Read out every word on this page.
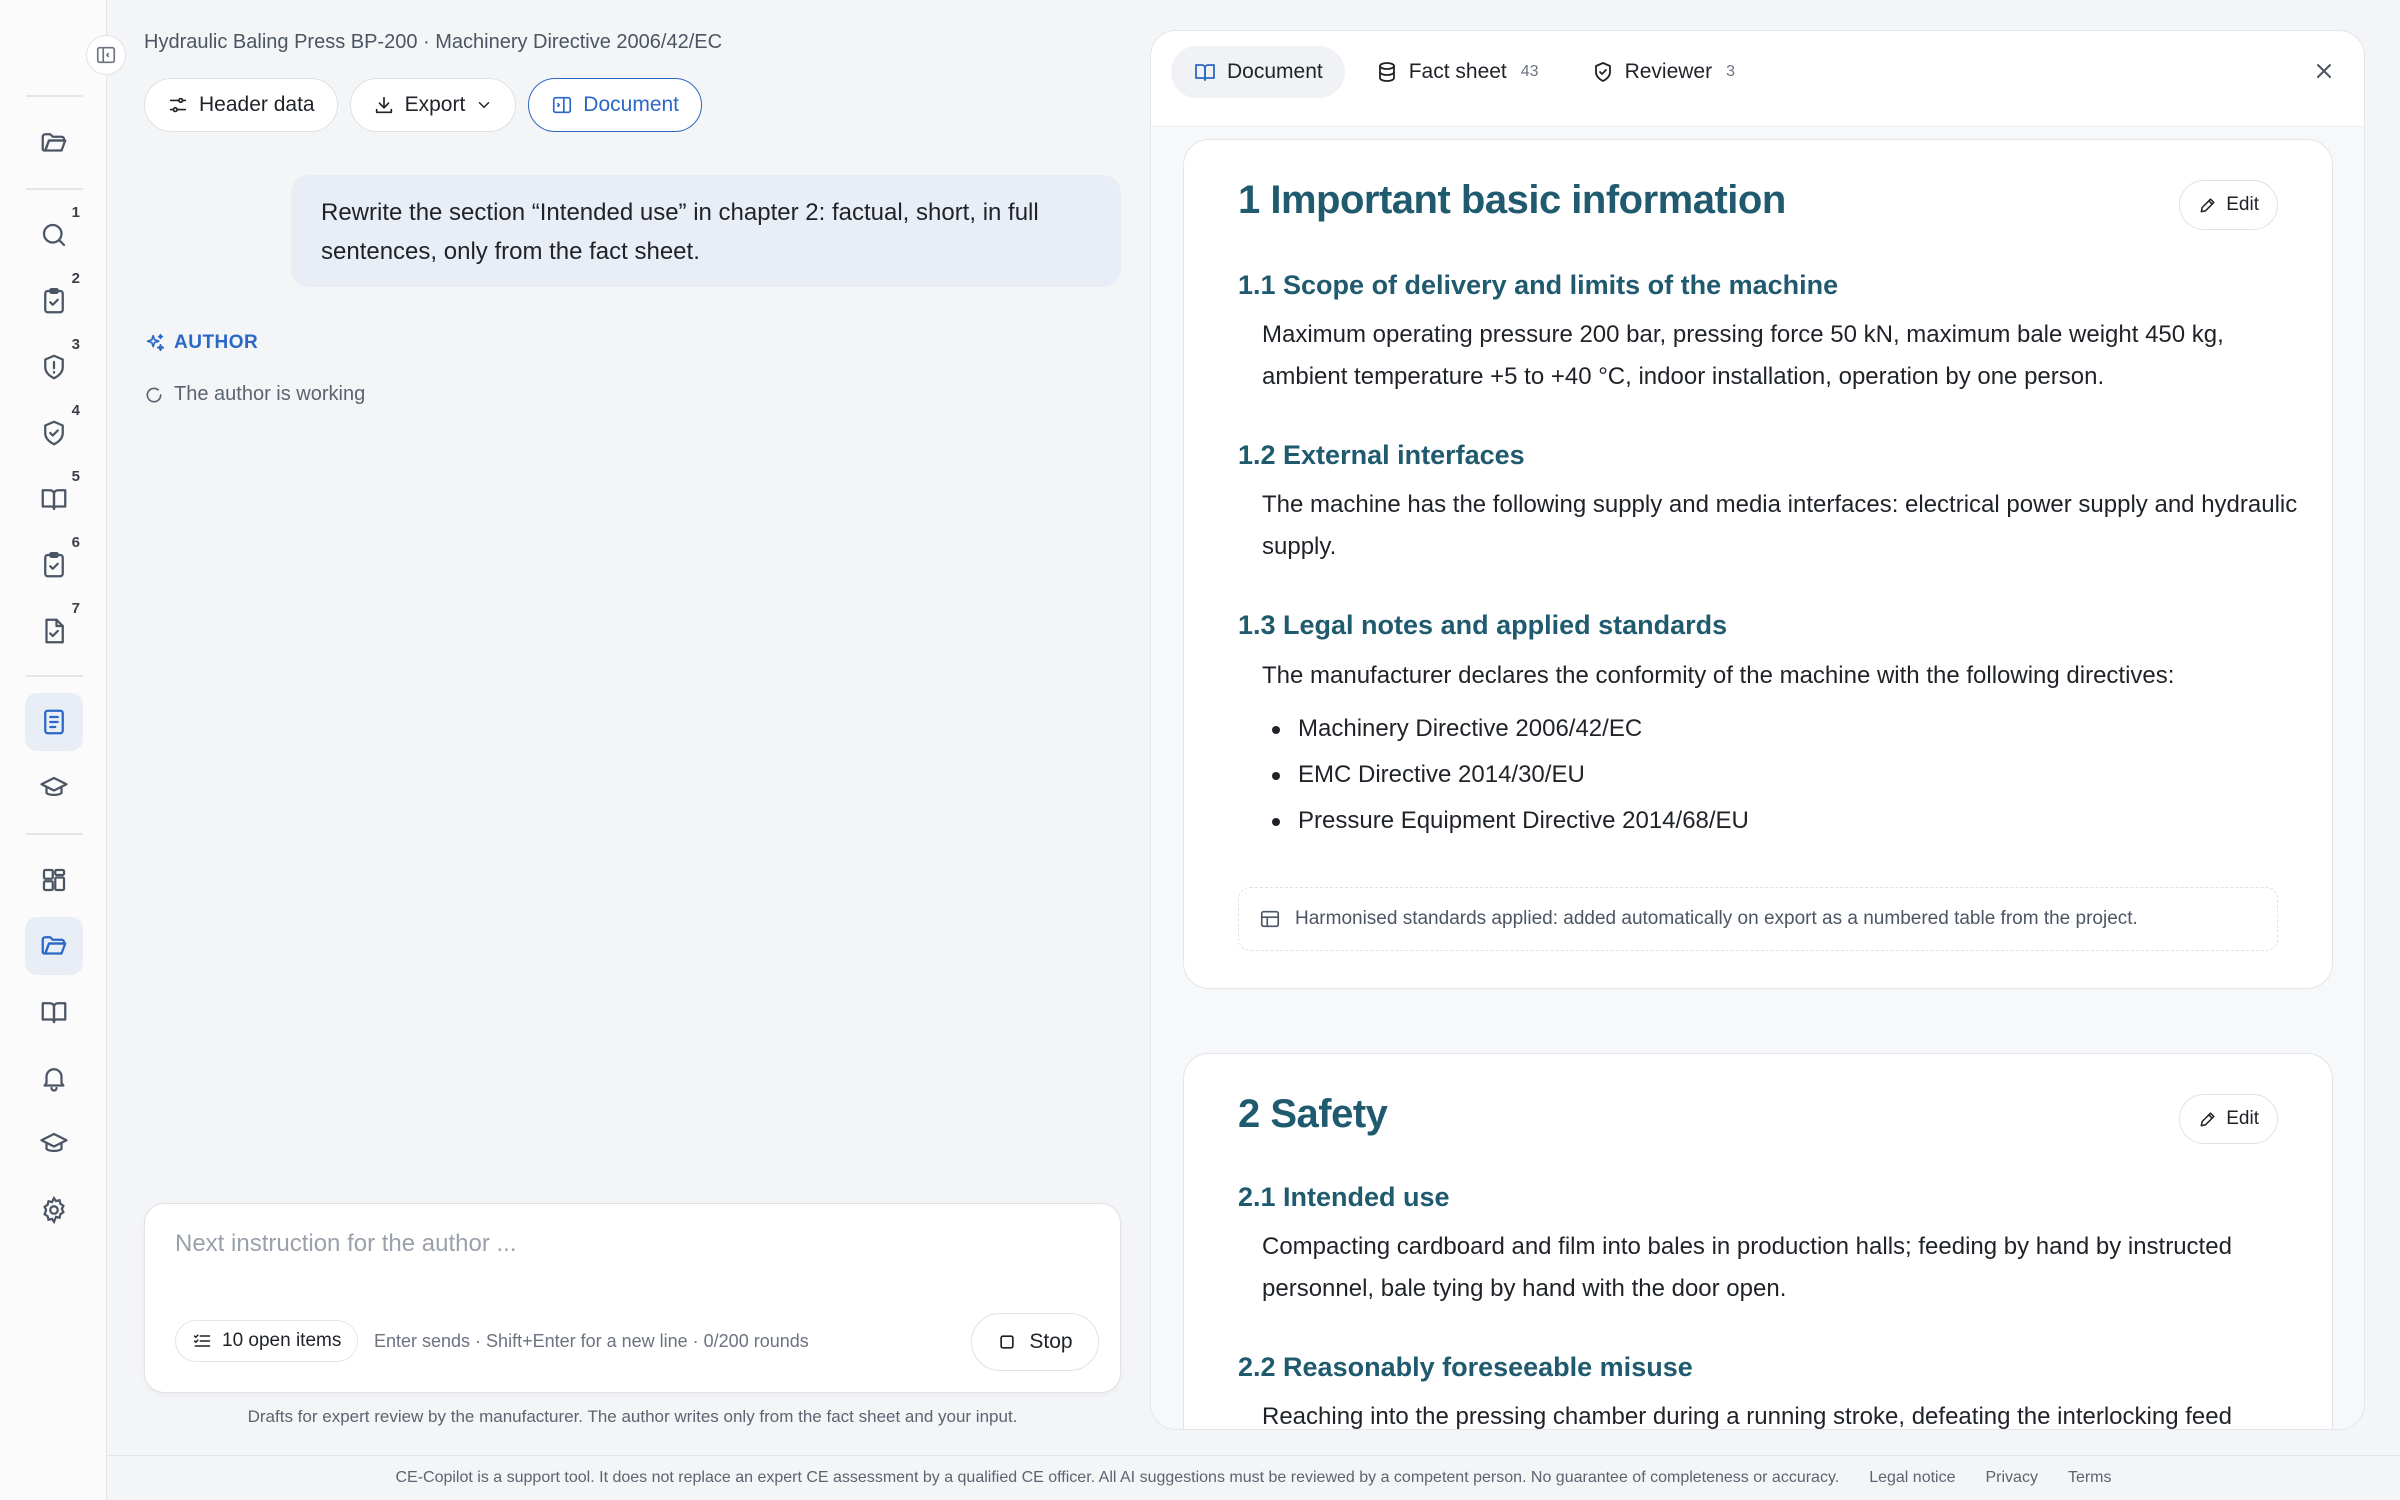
1
2
3
4
5
6
7
Hydraulic Baling Press BP-200 · Machinery Directive 2006/42/EC
Header data	Export	Document
Rewrite the section “Intended use” in chapter 2: factual, short, in full sentences, only from the fact sheet.
AUTHOR
The author is working
Next instruction for the author ...
10 open items Enter sends · Shift+Enter for a new line · 0/200 rounds	Stop
Drafts for expert review by the manufacturer. The author writes only from the fact sheet and your input.
Document	Fact sheet 43	Reviewer 3
1 Important basic information	Edit
1.1 Scope of delivery and limits of the machine

Maximum operating pressure 200 bar, pressing force 50 kN, maximum bale weight 450 kg, ambient temperature +5 to +40 °C, indoor installation, operation by one person.

1.2 External interfaces

The machine has the following supply and media interfaces: electrical power supply and hydraulic supply.

1.3 Legal notes and applied standards

The manufacturer declares the conformity of the machine with the following directives:

Machinery Directive 2006/42/EC
EMC Directive 2014/30/EU
Pressure Equipment Directive 2014/68/EU
Harmonised standards applied: added automatically on export as a numbered table from the project.
2 Safety	Edit
2.1 Intended use

Compacting cardboard and film into bales in production halls; feeding by hand by instructed personnel, bale tying by hand with the door open.

2.2 Reasonably foreseeable misuse

Reaching into the pressing chamber during a running stroke, defeating the interlocking feed

CE-Copilot is a support tool. It does not replace an expert CE assessment by a qualified CE officer. All AI suggestions must be reviewed by a competent person. No guarantee of completeness or accuracy. Legal notice Privacy Terms
